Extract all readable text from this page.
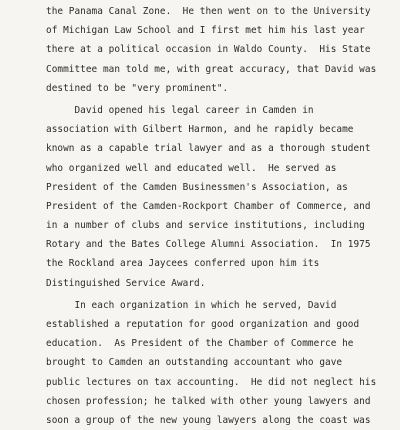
the Panama Canal Zone.  He then went on to the University
of Michigan Law School and I first met him his last year
there at a political occasion in Waldo County.  His State
Committee man told me, with great accuracy, that David was
destined to be "very prominent".
David opened his legal career in Camden in
association with Gilbert Harmon, and he rapidly became
known as a capable trial lawyer and as a thorough student
who organized well and educated well.  He served as
President of the Camden Businessmen's Association, as
President of the Camden-Rockport Chamber of Commerce, and
in a number of clubs and service institutions, including
Rotary and the Bates College Alumni Association.  In 1975
the Rockland area Jaycees conferred upon him its
Distinguished Service Award.
In each organization in which he served, David
established a reputation for good organization and good
education.  As President of the Chamber of Commerce he
brought to Camden an outstanding accountant who gave
public lectures on tax accounting.  He did not neglect his
chosen profession; he talked with other young lawyers and
soon a group of the new young lawyers along the coast was
